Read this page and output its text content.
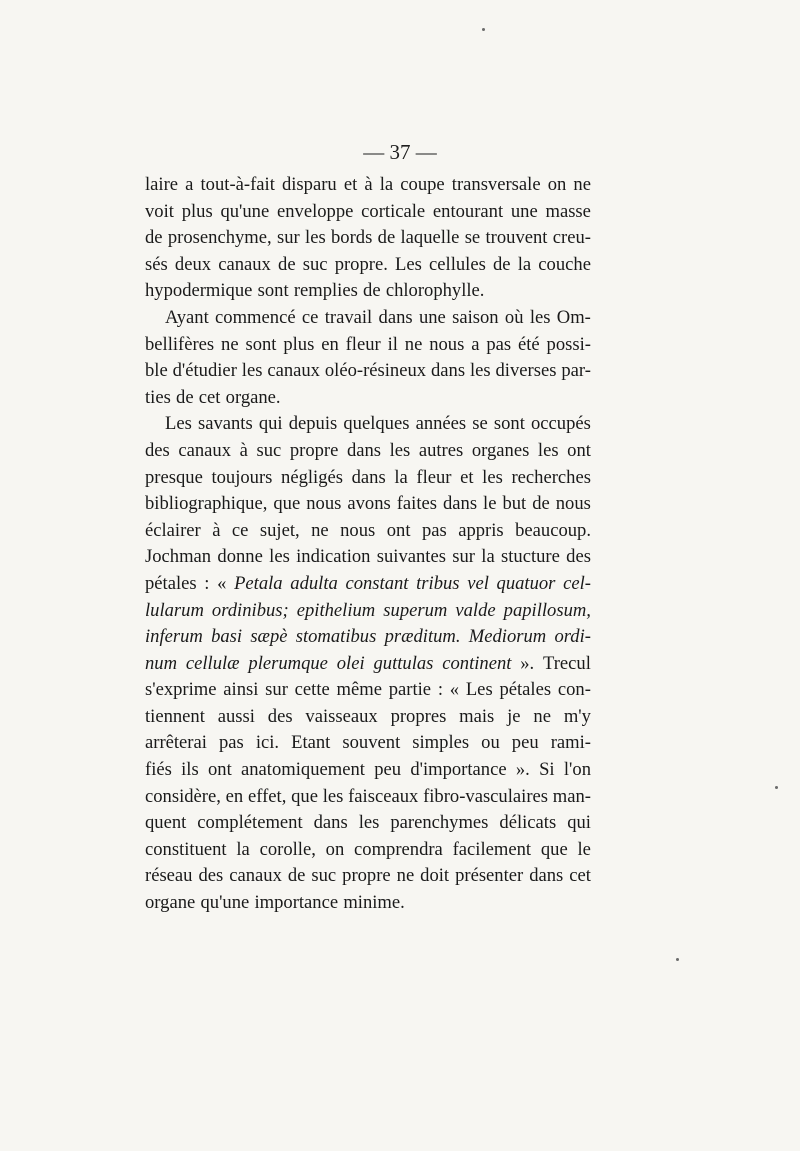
— 37 —

laire a tout-à-fait disparu et à la coupe transversale on ne
voit plus qu'une enveloppe corticale entourant une masse
de prosenchyme, sur les bords de laquelle se trouvent creu-
sés deux canaux de suc propre. Les cellules de la couche
hypodermique sont remplies de chlorophylle.
Ayant commencé ce travail dans une saison où les Om-
bellifères ne sont plus en fleur il ne nous a pas été possi-
ble d'étudier les canaux oléo-résineux dans les diverses par-
ties de cet organe.
Les savants qui depuis quelques années se sont occupés
des canaux à suc propre dans les autres organes les ont
presque toujours négligés dans la fleur et les recherches
bibliographique, que nous avons faites dans le but de nous
éclairer à ce sujet, ne nous ont pas appris beaucoup.
Jochman donne les indication suivantes sur la stucture des
pétales : « Petala adulta constant tribus vel quatuor cel-
lularum ordinibus; epithelium superum valde papillosum,
inferum basi sæpè stomatibus præditum. Mediorum ordi-
num cellulæ plerumque olei guttulas continent ». Trecul
s'exprime ainsi sur cette même partie : « Les pétales con-
tiennent aussi des vaisseaux propres mais je ne m'y
arrêterai pas ici. Etant souvent simples ou peu rami-
fiés ils ont anatomiquement peu d'importance ». Si l'on
considère, en effet, que les faisceaux fibro-vasculaires man-
quent complétement dans les parenchymes délicats qui
constituent la corolle, on comprendra facilement que le
réseau des canaux de suc propre ne doit présenter dans cet
organe qu'une importance minime.
